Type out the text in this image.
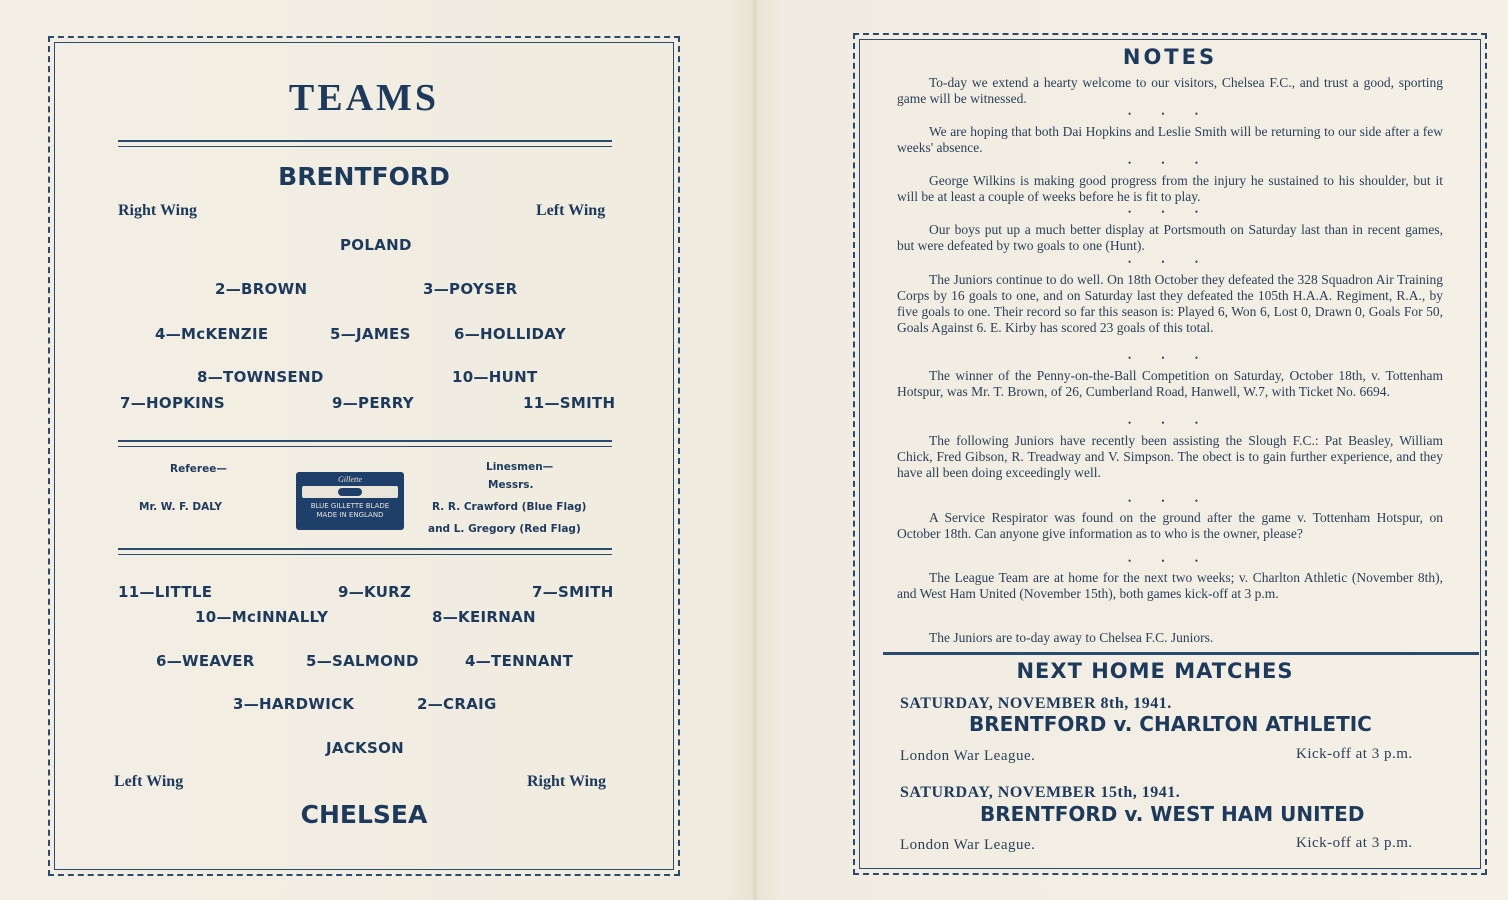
TEAMS
BRENTFORD
Right Wing	Left Wing
POLAND
2—BROWN	3—POYSER
4—McKENZIE	5—JAMES	6—HOLLIDAY
8—TOWNSEND	10—HUNT
7—HOPKINS	9—PERRY	11—SMITH
Referee—
Mr. W. F. DALY
Gillette
BLUE GILLETTE BLADE
MADE IN ENGLAND
Linesmen—
Messrs.
R. R. Crawford (Blue Flag)
and L. Gregory (Red Flag)
11—LITTLE	9—KURZ	7—SMITH
10—McINNALLY	8—KEIRNAN
6—WEAVER	5—SALMOND	4—TENNANT
3—HARDWICK	2—CRAIG
JACKSON
Left Wing	Right Wing
CHELSEA
NOTES
To-day we extend a hearty welcome to our visitors, Chelsea F.C., and trust a good, sporting game will be witnessed.
• • •
We are hoping that both Dai Hopkins and Leslie Smith will be returning to our side after a few weeks' absence.
• • •
George Wilkins is making good progress from the injury he sustained to his shoulder, but it will be at least a couple of weeks before he is fit to play.
• • •
Our boys put up a much better display at Portsmouth on Saturday last than in recent games, but were defeated by two goals to one (Hunt).
• • •
The Juniors continue to do well. On 18th October they defeated the 328 Squadron Air Training Corps by 16 goals to one, and on Saturday last they defeated the 105th H.A.A. Regiment, R.A., by five goals to one. Their record so far this season is: Played 6, Won 6, Lost 0, Drawn 0, Goals For 50, Goals Against 6. E. Kirby has scored 23 goals of this total.
• • •
The winner of the Penny-on-the-Ball Competition on Saturday, October 18th, v. Tottenham Hotspur, was Mr. T. Brown, of 26, Cumberland Road, Hanwell, W.7, with Ticket No. 6694.
• • •
The following Juniors have recently been assisting the Slough F.C.: Pat Beasley, William Chick, Fred Gibson, R. Treadway and V. Simpson. The obect is to gain further experience, and they have all been doing exceedingly well.
• • •
A Service Respirator was found on the ground after the game v. Tottenham Hotspur, on October 18th. Can anyone give information as to who is the owner, please?
• • •
The League Team are at home for the next two weeks; v. Charlton Athletic (November 8th), and West Ham United (November 15th), both games kick-off at 3 p.m.
The Juniors are to-day away to Chelsea F.C. Juniors.
NEXT HOME MATCHES
SATURDAY, NOVEMBER 8th, 1941.
BRENTFORD v. CHARLTON ATHLETIC
London War League.	Kick-off at 3 p.m.
SATURDAY, NOVEMBER 15th, 1941.
BRENTFORD v. WEST HAM UNITED
London War League.	Kick-off at 3 p.m.
